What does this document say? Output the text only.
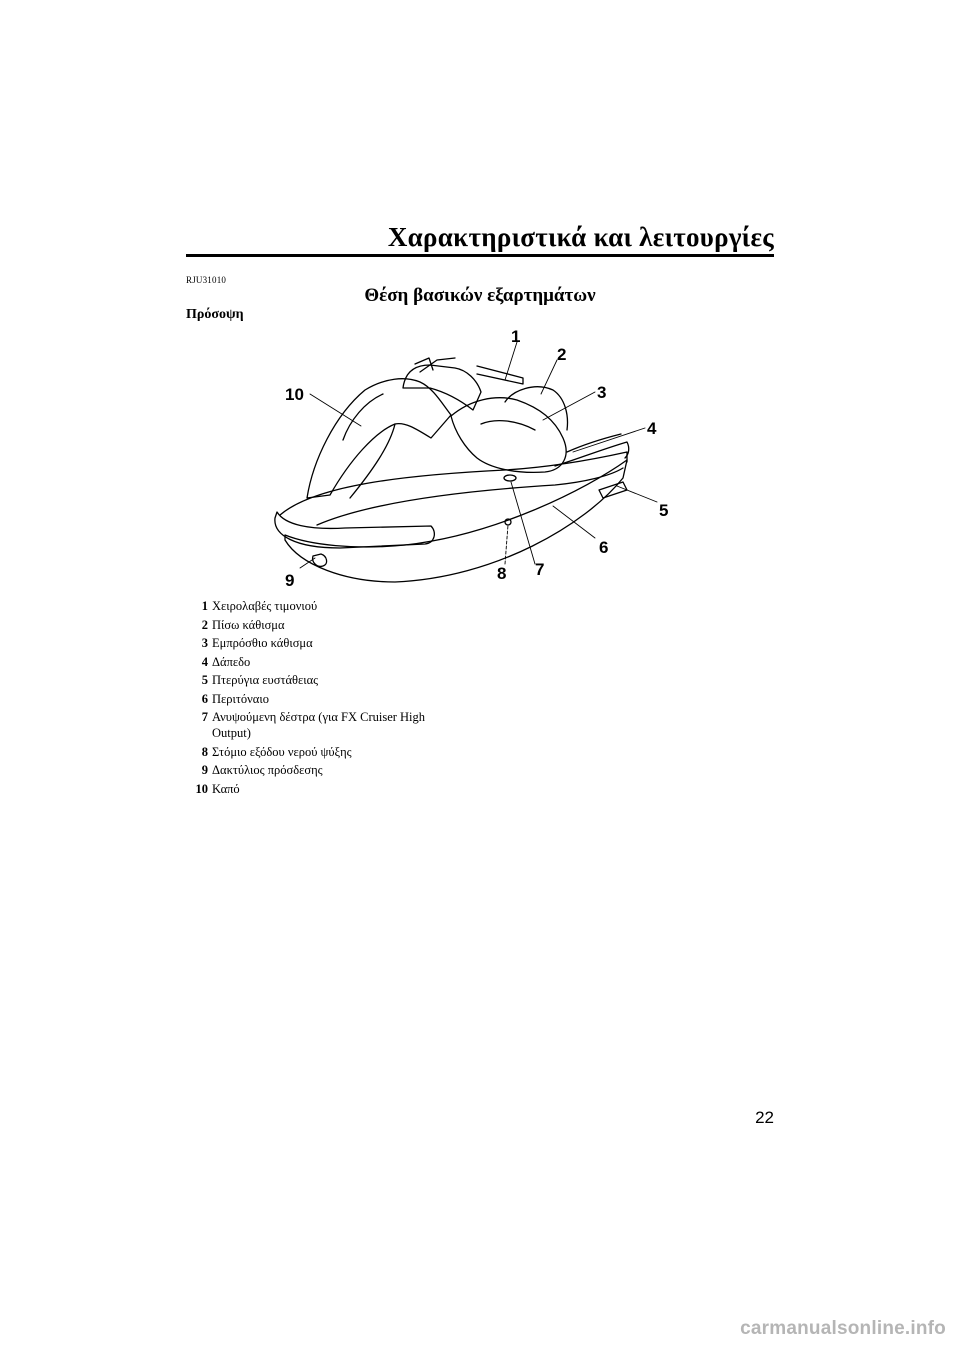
Χαρακτηριστικά και λειτουργίες
RJU31010
Θέση βασικών εξαρτημάτων
Πρόσοψη
1
2
3
4
5
6
7
8
9
10
1 Χειρολαβές τιμονιού
2 Πίσω κάθισμα
3 Εμπρόσθιο κάθισμα
4 Δάπεδο
5 Πτερύγια ευστάθειας
6 Περιτόναιο
7 Ανυψούμενη δέστρα (για FX Cruiser High Output)
8 Στόμιο εξόδου νερού ψύξης
9 Δακτύλιος πρόσδεσης
10 Καπό
22
carmanualsonline.info
